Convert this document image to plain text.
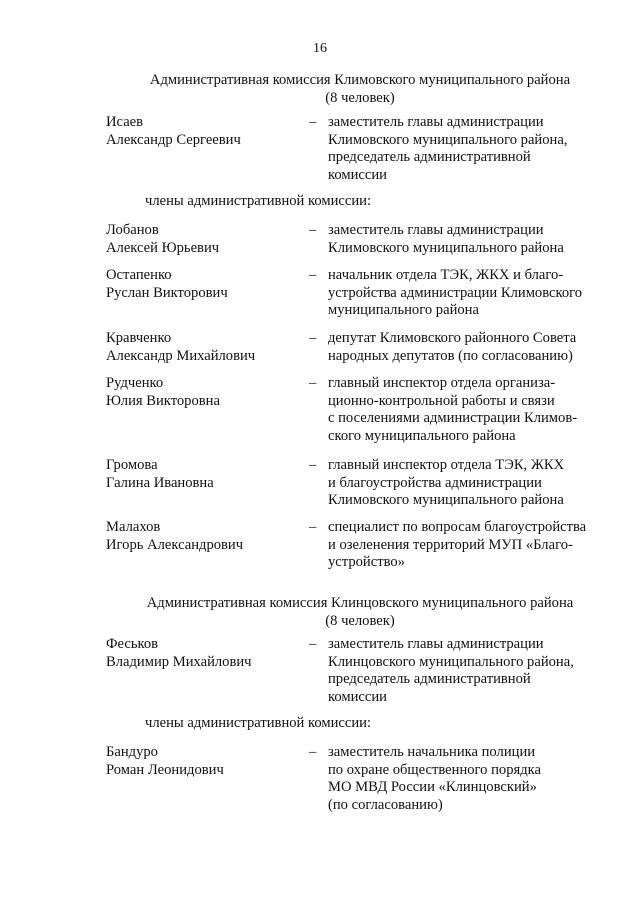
16
Административная комиссия Климовского муниципального района
(8 человек)
Исаев
Александр Сергеевич
– заместитель главы администрации
Климовского муниципального района,
председатель административной
комиссии
члены административной комиссии:
Лобанов
Алексей Юрьевич
– заместитель главы администрации
Климовского муниципального района
Остапенко
Руслан Викторович
– начальник отдела ТЭК, ЖКХ и благо-
устройства администрации Климовского
муниципального района
Кравченко
Александр Михайлович
– депутат Климовского районного Совета
народных депутатов (по согласованию)
Рудченко
Юлия Викторовна
– главный инспектор отдела организа-
ционно-контрольной работы и связи
с поселениями администрации Климов-
ского муниципального района
Громова
Галина Ивановна
– главный инспектор отдела ТЭК, ЖКХ
и благоустройства администрации
Климовского муниципального района
Малахов
Игорь Александрович
– специалист по вопросам благоустройства
и озеленения территорий МУП «Благо-
устройство»
Административная комиссия Клинцовского муниципального района
(8 человек)
Феськов
Владимир Михайлович
– заместитель главы администрации
Клинцовского муниципального района,
председатель административной
комиссии
члены административной комиссии:
Бандуро
Роман Леонидович
– заместитель начальника полиции
по охране общественного порядка
МО МВД России «Клинцовский»
(по согласованию)
